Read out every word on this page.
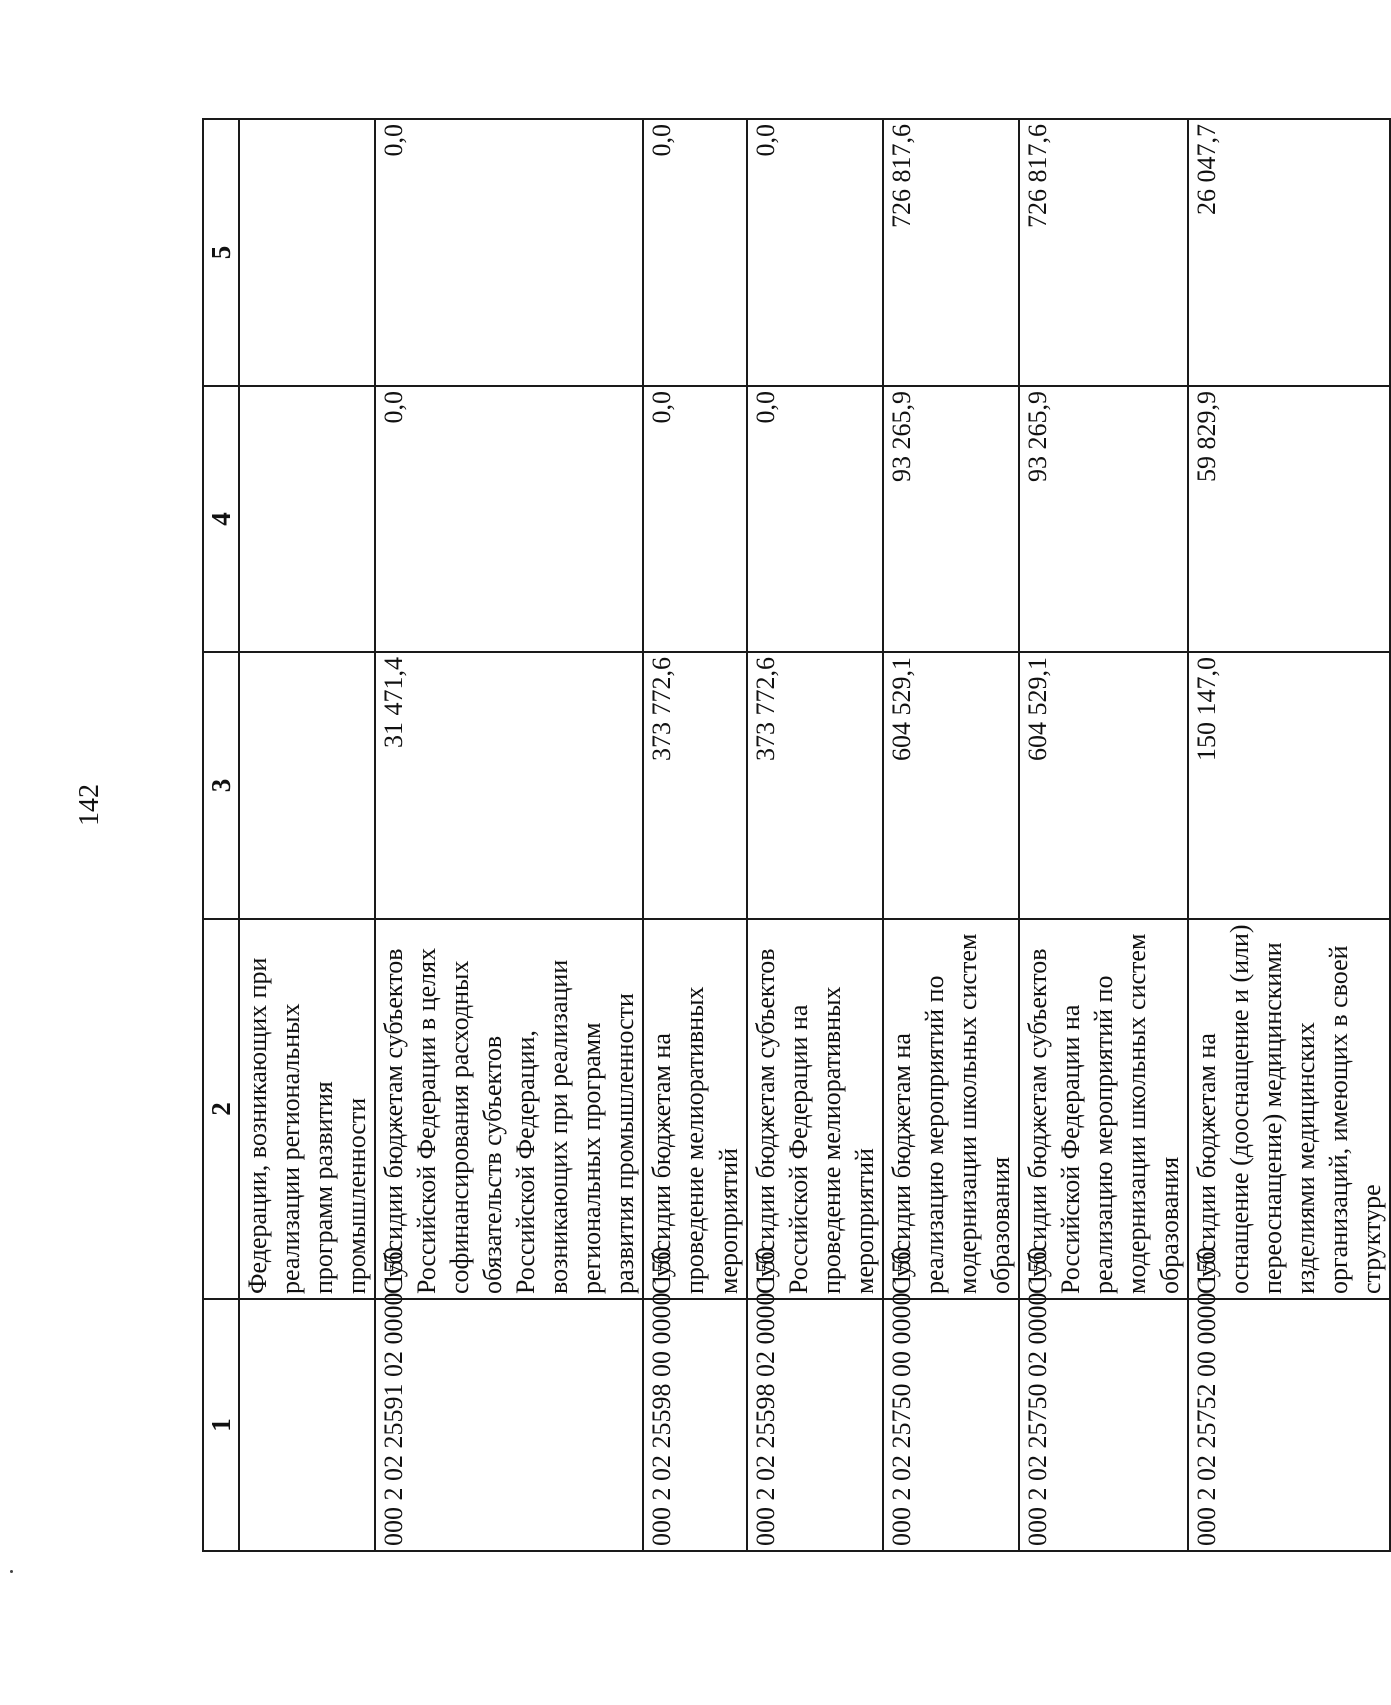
142
1	2	3	4	5
	Федерации, возникающих при реализации региональных программ развития промышленности			
000 2 02 25591 02 0000 150	Субсидии бюджетам субъектов Российской Федерации в целях софинансирования расходных обязательств субъектов Российской Федерации, возникающих при реализации региональных программ развития промышленности	31 471,4	0,0	0,0
000 2 02 25598 00 0000 150	Субсидии бюджетам на проведение мелиоративных мероприятий	373 772,6	0,0	0,0
000 2 02 25598 02 0000 150	Субсидии бюджетам субъектов Российской Федерации на проведение мелиоративных мероприятий	373 772,6	0,0	0,0
000 2 02 25750 00 0000 150	Субсидии бюджетам на реализацию мероприятий по модернизации школьных систем образования	604 529,1	93 265,9	726 817,6
000 2 02 25750 02 0000 150	Субсидии бюджетам субъектов Российской Федерации на реализацию мероприятий по модернизации школьных систем образования	604 529,1	93 265,9	726 817,6
000 2 02 25752 00 0000 150	Субсидии бюджетам на оснащение (дооснащение и (или) переоснащение) медицинскими изделиями медицинских организаций, имеющих в своей структуре	150 147,0	59 829,9	26 047,7
